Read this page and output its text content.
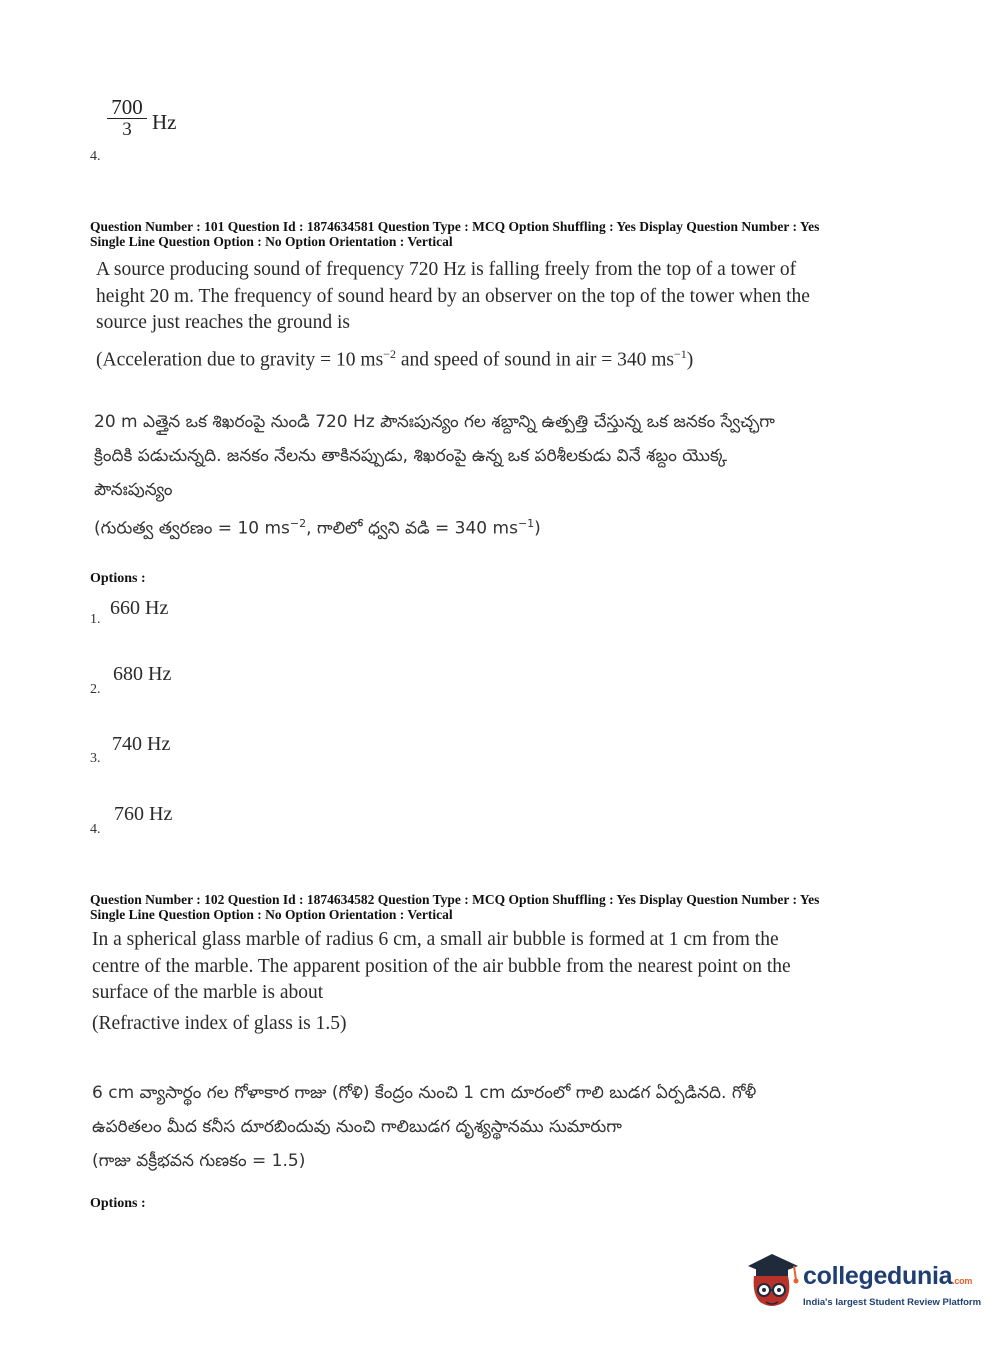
$\frac{700}{3}$ Hz
4.
Question Number : 101 Question Id : 1874634581 Question Type : MCQ Option Shuffling : Yes Display Question Number : Yes
Single Line Question Option : No Option Orientation : Vertical
A source producing sound of frequency 720 Hz is falling freely from the top of a tower of
height 20 m. The frequency of sound heard by an observer on the top of the tower when the
source just reaches the ground is
(Acceleration due to gravity = 10 $ms^{-2}$ and speed of sound in air = 340 $ms^{-1}$)
20 m ఎత్తైన ఒక శిఖరంపై నుండి 720 Hz పౌనఃపున్యం గల శబ్దాన్ని ఉత్పత్తి చేస్తున్న ఒక జనకం స్వేచ్ఛగా
క్రిందికి పడుచున్నది. జనకం నేలను తాకినప్పుడు, శిఖరంపై ఉన్న ఒక పరిశీలకుడు వినే శబ్దం యొక్క
పౌనఃపున్యం
(గురుత్వ త్వరణం = 10 $ms^{-2}$, గాలిలో ధ్వని వడి = 340 $ms^{-1}$)
Options :
660 Hz
1.
680 Hz
2.
740 Hz
3.
760 Hz
4.
Question Number : 102 Question Id : 1874634582 Question Type : MCQ Option Shuffling : Yes Display Question Number : Yes
Single Line Question Option : No Option Orientation : Vertical
In a spherical glass marble of radius 6 cm, a small air bubble is formed at 1 cm from the
centre of the marble. The apparent position of the air bubble from the nearest point on the
surface of the marble is about
(Refractive index of glass is 1.5)
6 cm వ్యాసార్థం గల గోళాకార గాజు (గోళి) కేంద్రం నుంచి 1 cm దూరంలో గాలి బుడగ ఏర్పడినది. గోళీ
ఉపరితలం మీద కనీస దూరబిందువు నుంచి గాలిబుడగ దృశ్యస్థానము సుమారుగా
(గాజు వక్రీభవన గుణకం = 1.5)
Options :
collegedunia.com
India's largest Student Review Platform
